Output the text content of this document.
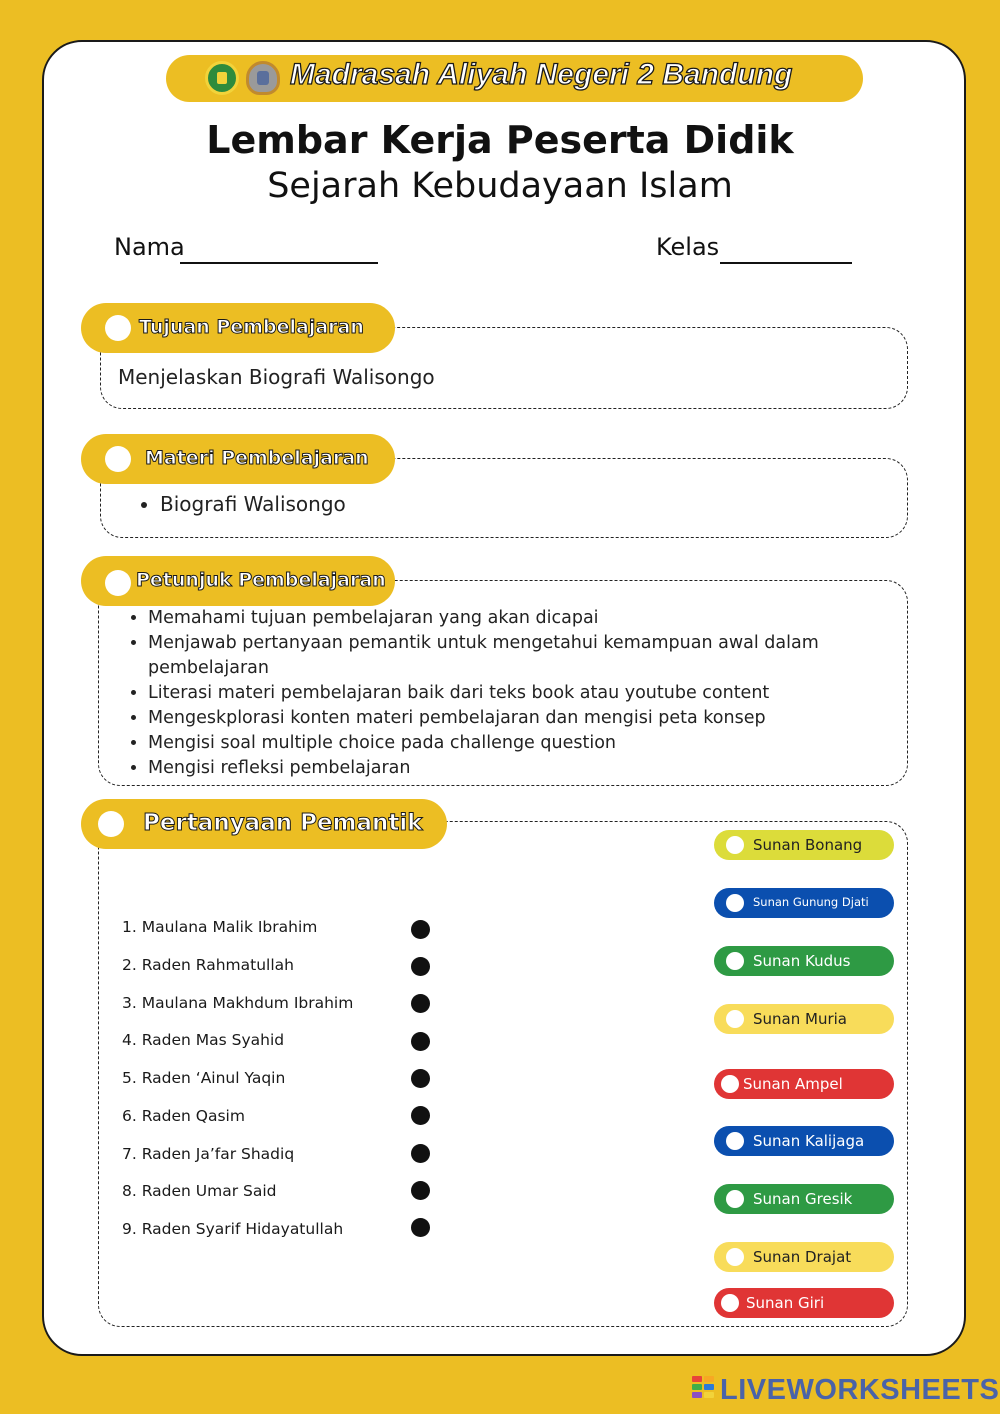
Madrasah Aliyah Negeri 2 Bandung
Lembar Kerja Peserta Didik
Sejarah Kebudayaan Islam
Nama	Kelas
Tujuan Pembelajaran
Menjelaskan Biografi Walisongo
Materi Pembelajaran
• Biografi Walisongo
Petunjuk Pembelajaran
• Memahami tujuan pembelajaran yang akan dicapai
• Menjawab pertanyaan pemantik untuk mengetahui kemampuan awal dalam pembelajaran
• Literasi materi pembelajaran baik dari teks book atau youtube content
• Mengeskplorasi konten materi pembelajaran dan mengisi peta konsep
• Mengisi soal multiple choice pada challenge question
• Mengisi refleksi pembelajaran
Pertanyaan Pemantik
1. Maulana Malik Ibrahim
2. Raden Rahmatullah
3. Maulana Makhdum Ibrahim
4. Raden Mas Syahid
5. Raden ‘Ainul Yaqin
6. Raden Qasim
7. Raden Ja’far Shadiq
8. Raden Umar Said
9. Raden Syarif Hidayatullah
Sunan Bonang
Sunan Gunung Djati
Sunan Kudus
Sunan Muria
Sunan Ampel
Sunan Kalijaga
Sunan Gresik
Sunan Drajat
Sunan Giri
LIVEWORKSHEETS
